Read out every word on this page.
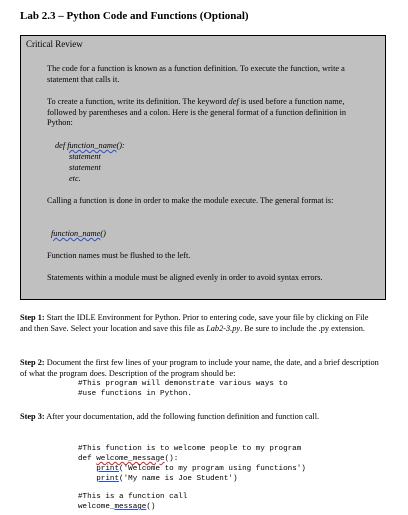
Lab 2.3 – Python Code and Functions (Optional)
Critical Review
The code for a function is known as a function definition. To execute the function, write a statement that calls it.
To create a function, write its definition. The keyword def is used before a function name, followed by parentheses and a colon. Here is the general format of a function definition in Python:
def function_name():
statement
statement
etc.
Calling a function is done in order to make the module execute. The general format is:
function_name()
Function names must be flushed to the left.
Statements within a module must be aligned evenly in order to avoid syntax errors.
Step 1: Start the IDLE Environment for Python. Prior to entering code, save your file by clicking on File and then Save. Select your location and save this file as Lab2-3.py. Be sure to include the .py extension.
Step 2: Document the first few lines of your program to include your name, the date, and a brief description of what the program does. Description of the program should be:
#This program will demonstrate various ways to
#use functions in Python.
Step 3: After your documentation, add the following function definition and function call.
#This function is to welcome people to my program
def welcome_message():
print('Welcome to my program using functions')
print('My name is Joe Student')
#This is a function call
welcome_message()
